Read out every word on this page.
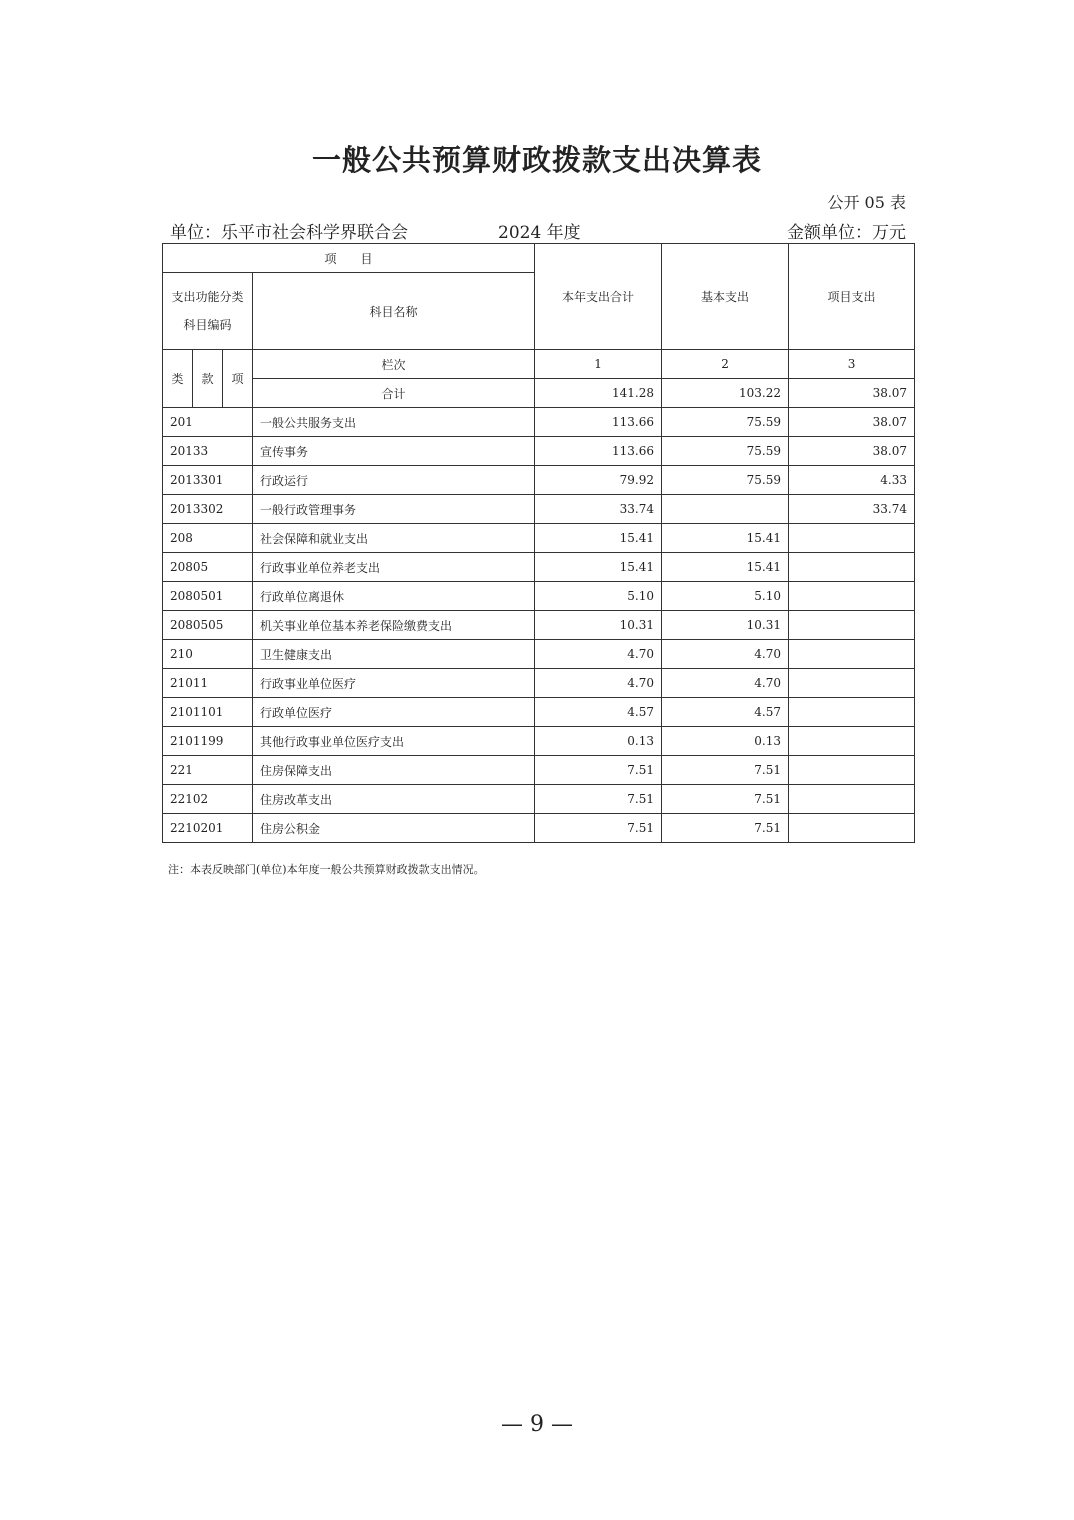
一般公共预算财政拨款支出决算表
公开 05 表
单位：乐平市社会科学界联合会	2024 年度	金额单位：万元
项　　目				本年支出合计	基本支出	项目支出
支出功能分类科目编码			科目名称			
类	款	项	栏次	1	2	3
			合计	141.28	103.22	38.07
201			一般公共服务支出	113.66	75.59	38.07
20133			宣传事务	113.66	75.59	38.07
2013301			行政运行	79.92	75.59	4.33
2013302			一般行政管理事务	33.74		33.74
208			社会保障和就业支出	15.41	15.41	
20805			行政事业单位养老支出	15.41	15.41	
2080501			行政单位离退休	5.10	5.10	
2080505			机关事业单位基本养老保险缴费支出	10.31	10.31	
210			卫生健康支出	4.70	4.70	
21011			行政事业单位医疗	4.70	4.70	
2101101			行政单位医疗	4.57	4.57	
2101199			其他行政事业单位医疗支出	0.13	0.13	
221			住房保障支出	7.51	7.51	
22102			住房改革支出	7.51	7.51	
2210201			住房公积金	7.51	7.51	
注：本表反映部门(单位)本年度一般公共预算财政拨款支出情况。
— 9 —
